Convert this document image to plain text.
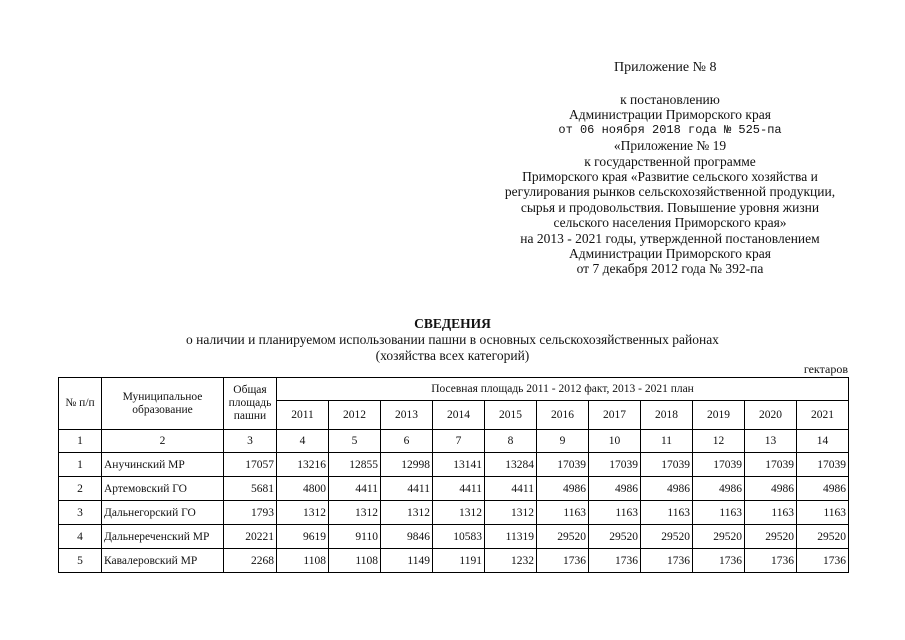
Приложение № 8
к постановлению
Администрации Приморского края
от 06 ноября 2018 года № 525-па
«Приложение № 19
к государственной программе
Приморского края «Развитие сельского хозяйства и
регулирования рынков сельскохозяйственной продукции,
сырья и продовольствия. Повышение уровня жизни
сельского населения Приморского края»
на 2013 - 2021 годы, утвержденной постановлением
Администрации Приморского края
от 7 декабря 2012 года № 392-па
СВЕДЕНИЯ
о наличии и планируемом использовании пашни в основных сельскохозяйственных районах
(хозяйства всех категорий)
гектаров
№ п/п	Муниципальное образование	Общая площадь пашни	Посевная площадь 2011 - 2012 факт, 2013 - 2021 план										
			2011	2012	2013	2014	2015	2016	2017	2018	2019	2020	2021
1	2	3	4	5	6	7	8	9	10	11	12	13	14
1	Анучинский МР	17057	13216	12855	12998	13141	13284	17039	17039	17039	17039	17039	17039
2	Артемовский ГО	5681	4800	4411	4411	4411	4411	4986	4986	4986	4986	4986	4986
3	Дальнегорский ГО	1793	1312	1312	1312	1312	1312	1163	1163	1163	1163	1163	1163
4	Дальнереченский МР	20221	9619	9110	9846	10583	11319	29520	29520	29520	29520	29520	29520
5	Кавалеровский МР	2268	1108	1108	1149	1191	1232	1736	1736	1736	1736	1736	1736
